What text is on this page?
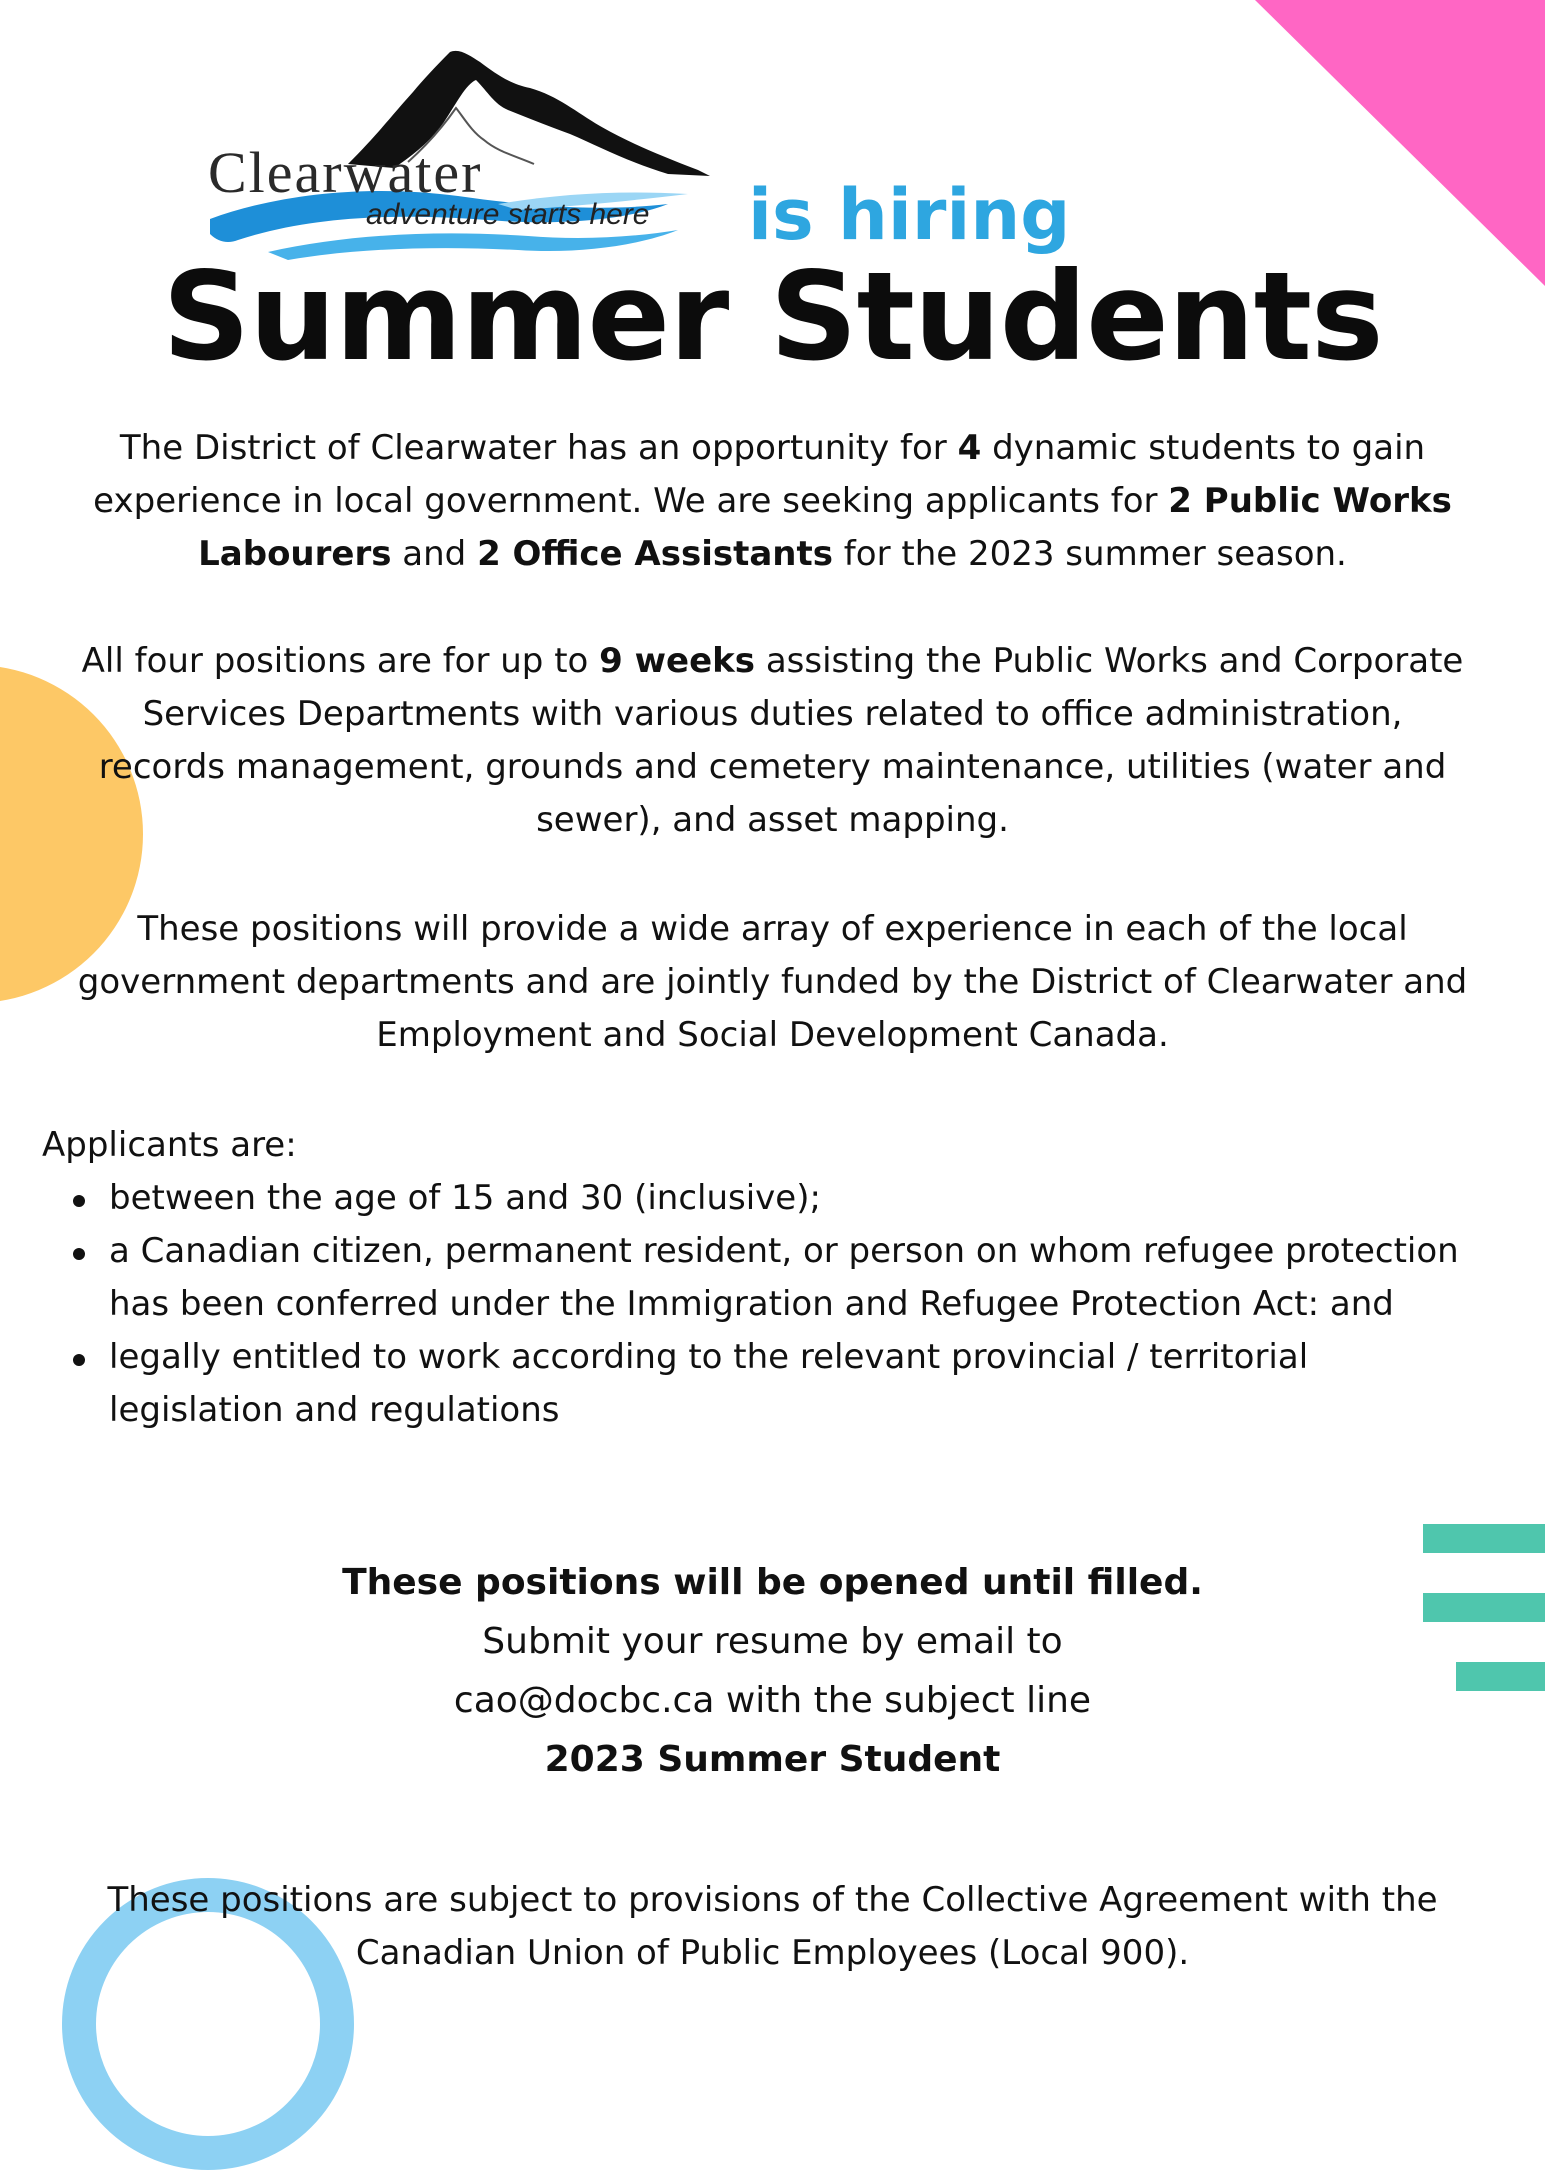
Clearwater
adventure starts here is hiring
Summer Students

The District of Clearwater has an opportunity for 4 dynamic students to gain experience in local government. We are seeking applicants for 2 Public Works Labourers and 2 Office Assistants for the 2023 summer season.

All four positions are for up to 9 weeks assisting the Public Works and Corporate Services Departments with various duties related to office administration, records management, grounds and cemetery maintenance, utilities (water and sewer), and asset mapping.

These positions will provide a wide array of experience in each of the local government departments and are jointly funded by the District of Clearwater and Employment and Social Development Canada.

Applicants are:
between the age of 15 and 30 (inclusive);
a Canadian citizen, permanent resident, or person on whom refugee protection has been conferred under the Immigration and Refugee Protection Act: and
legally entitled to work according to the relevant provincial / territorial legislation and regulations
These positions will be opened until filled.
Submit your resume by email to
cao@docbc.ca with the subject line
2023 Summer Student
These positions are subject to provisions of the Collective Agreement with the Canadian Union of Public Employees (Local 900).
